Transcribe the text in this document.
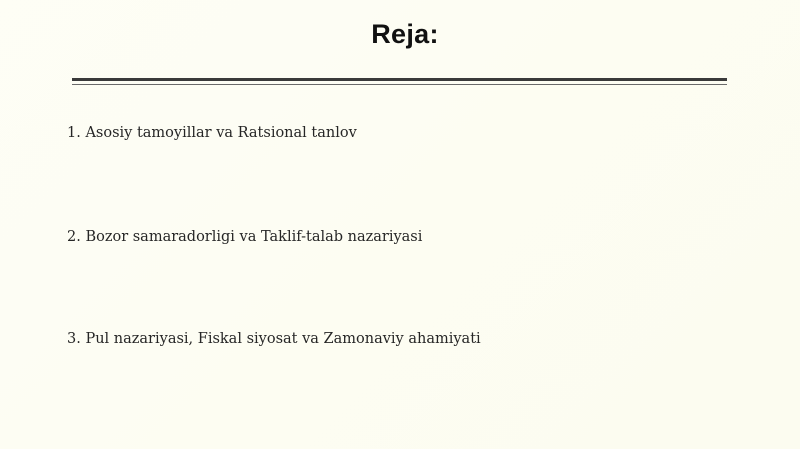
Reja:
1. Asosiy tamoyillar va Ratsional tanlov
2. Bozor samaradorligi va Taklif-talab nazariyasi
3. Pul nazariyasi, Fiskal siyosat va Zamonaviy ahamiyati
